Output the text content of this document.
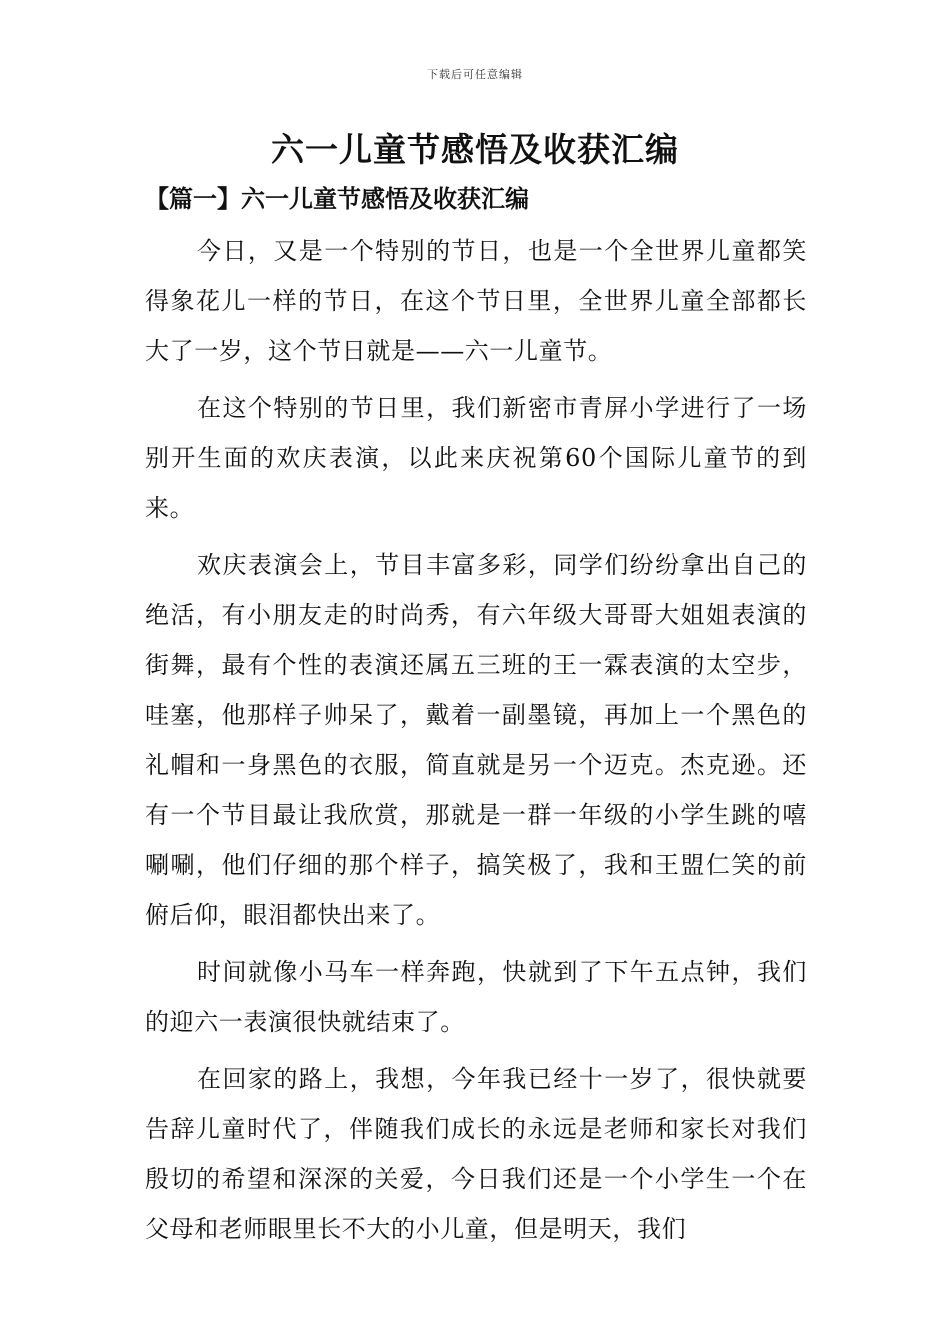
下载后可任意编辑
六一儿童节感悟及收获汇编
【篇一】六一儿童节感悟及收获汇编

今日，又是一个特别的节日，也是一个全世界儿童都笑得象花儿一样的节日，在这个节日里，全世界儿童全部都长大了一岁，这个节日就是——六一儿童节。

在这个特别的节日里，我们新密市青屏小学进行了一场别开生面的欢庆表演，以此来庆祝第60个国际儿童节的到来。

欢庆表演会上，节目丰富多彩，同学们纷纷拿出自己的绝活，有小朋友走的时尚秀，有六年级大哥哥大姐姐表演的街舞，最有个性的表演还属五三班的王一霖表演的太空步，哇塞，他那样子帅呆了，戴着一副墨镜，再加上一个黑色的礼帽和一身黑色的衣服，简直就是另一个迈克。杰克逊。还有一个节目最让我欣赏，那就是一群一年级的小学生跳的嘻唰唰，他们仔细的那个样子，搞笑极了，我和王盟仁笑的前俯后仰，眼泪都快出来了。

时间就像小马车一样奔跑，快就到了下午五点钟，我们的迎六一表演很快就结束了。

在回家的路上，我想，今年我已经十一岁了，很快就要告辞儿童时代了，伴随我们成长的永远是老师和家长对我们殷切的希望和深深的关爱，今日我们还是一个小学生一个在父母和老师眼里长不大的小儿童，但是明天，我们
